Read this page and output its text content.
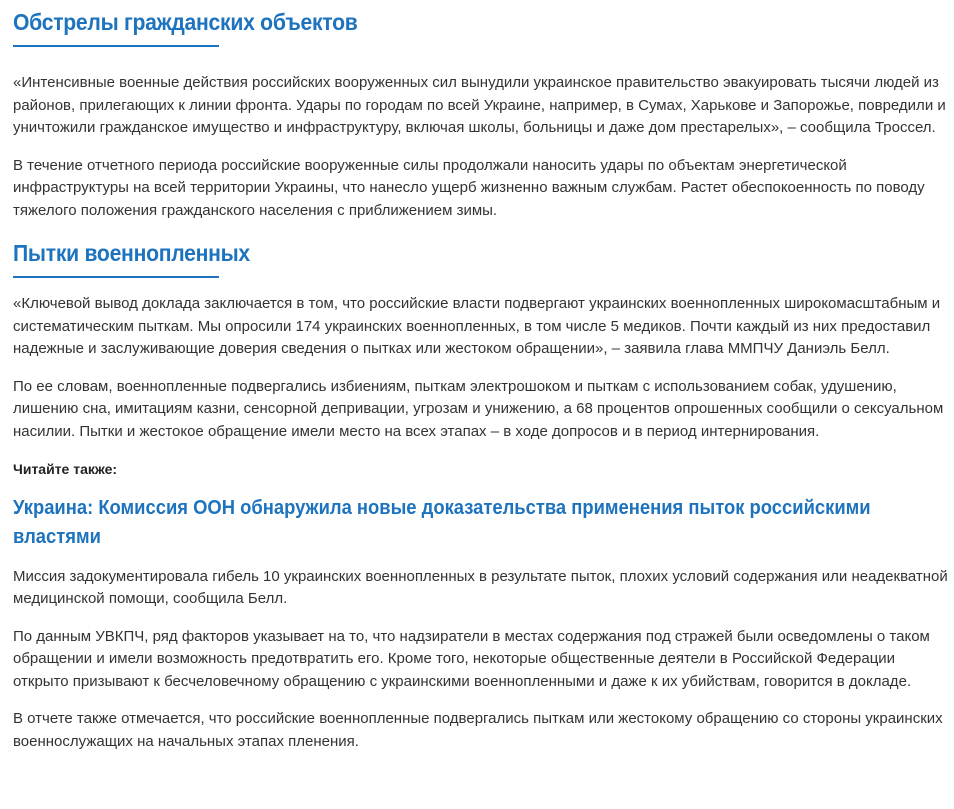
Обстрелы гражданских объектов

«Интенсивные военные действия российских вооруженных сил вынудили украинское правительство эвакуировать тысячи людей из районов, прилегающих к линии фронта. Удары по городам по всей Украине, например, в Сумах, Харькове и Запорожье, повредили и уничтожили гражданское имущество и инфраструктуру, включая школы, больницы и даже дом престарелых», – сообщила Троссел.

В течение отчетного периода российские вооруженные силы продолжали наносить удары по объектам энергетической инфраструктуры на всей территории Украины, что нанесло ущерб жизненно важным службам. Растет обеспокоенность по поводу тяжелого положения гражданского населения с приближением зимы.

Пытки военнопленных

«Ключевой вывод доклада заключается в том, что российские власти подвергают украинских военнопленных широкомасштабным и систематическим пыткам. Мы опросили 174 украинских военнопленных, в том числе 5 медиков. Почти каждый из них предоставил надежные и заслуживающие доверия сведения о пытках или жестоком обращении», – заявила глава ММПЧУ Даниэль Белл.

По ее словам, военнопленные подвергались избиениям, пыткам электрошоком и пыткам с использованием собак, удушению, лишению сна, имитациям казни, сенсорной депривации, угрозам и унижению, а 68 процентов опрошенных сообщили о сексуальном насилии. Пытки и жестокое обращение имели место на всех этапах – в ходе допросов и в период интернирования.

Читайте также:

Украина: Комиссия ООН обнаружила новые доказательства применения пыток российскими
властями

Миссия задокументировала гибель 10 украинских военнопленных в результате пыток, плохих условий содержания или неадекватной медицинской помощи, сообщила Белл.

По данным УВКПЧ, ряд факторов указывает на то, что надзиратели в местах содержания под стражей были осведомлены о таком обращении и имели возможность предотвратить его. Кроме того, некоторые общественные деятели в Российской Федерации открыто призывают к бесчеловечному обращению с украинскими военнопленными и даже к их убийствам, говорится в докладе.

В отчете также отмечается, что российские военнопленные подвергались пыткам или жестокому обращению со стороны украинских военнослужащих на начальных этапах пленения.
